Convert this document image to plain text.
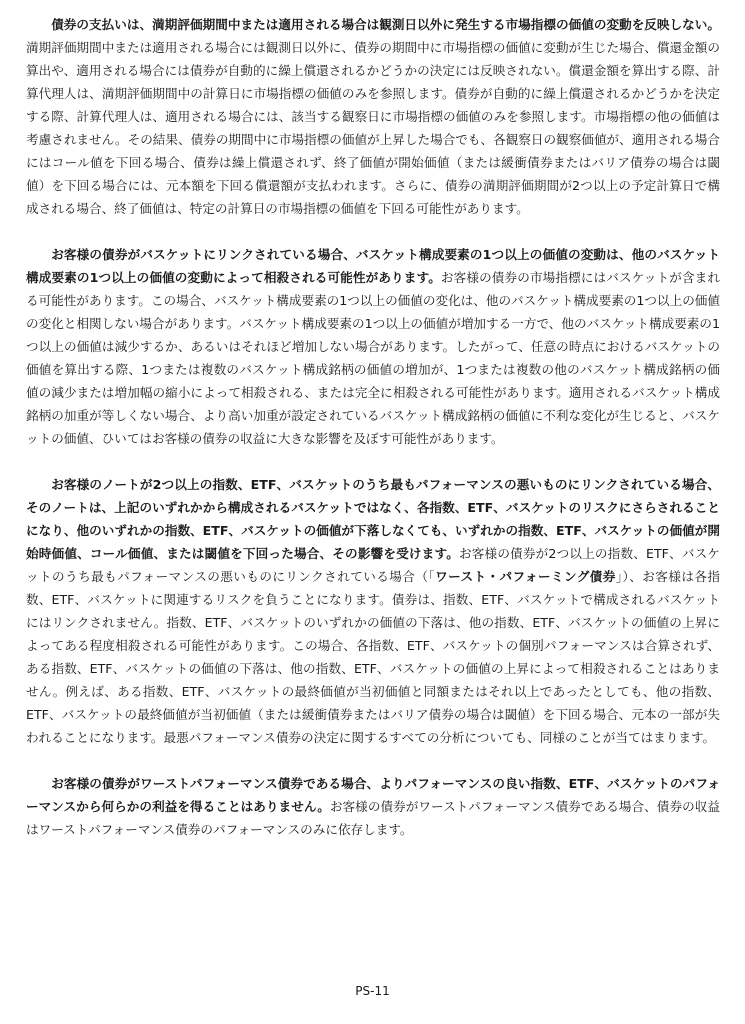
債券の支払いは、満期評価期間中または適用される場合は観測日以外に発生する市場指標の価値の変動を反映しない。満期評価期間中または適用される場合には観測日以外に、債券の期間中に市場指標の価値に変動が生じた場合、償還金額の算出や、適用される場合には債券が自動的に繰上償還されるかどうかの決定には反映されない。償還金額を算出する際、計算代理人は、満期評価期間中の計算日に市場指標の価値のみを参照します。債券が自動的に繰上償還されるかどうかを決定する際、計算代理人は、適用される場合には、該当する観察日に市場指標の価値のみを参照します。市場指標の他の価値は考慮されません。その結果、債券の期間中に市場指標の価値が上昇した場合でも、各観察日の観察価値が、適用される場合にはコール値を下回る場合、債券は繰上償還されず、終了価値が開始価値（または緩衝債券またはバリア債券の場合は閾値）を下回る場合には、元本額を下回る償還額が支払われます。さらに、債券の満期評価期間が2つ以上の予定計算日で構成される場合、終了価値は、特定の計算日の市場指標の価値を下回る可能性があります。

お客様の債券がバスケットにリンクされている場合、バスケット構成要素の1つ以上の価値の変動は、他のバスケット構成要素の1つ以上の価値の変動によって相殺される可能性があります。お客様の債券の市場指標にはバスケットが含まれる可能性があります。この場合、バスケット構成要素の1つ以上の価値の変化は、他のバスケット構成要素の1つ以上の価値の変化と相関しない場合があります。バスケット構成要素の1つ以上の価値が増加する一方で、他のバスケット構成要素の1つ以上の価値は減少するか、あるいはそれほど増加しない場合があります。したがって、任意の時点におけるバスケットの価値を算出する際、1つまたは複数のバスケット構成銘柄の価値の増加が、1つまたは複数の他のバスケット構成銘柄の価値の減少または増加幅の縮小によって相殺される、または完全に相殺される可能性があります。適用されるバスケット構成銘柄の加重が等しくない場合、より高い加重が設定されているバスケット構成銘柄の価値に不利な変化が生じると、バスケットの価値、ひいてはお客様の債券の収益に大きな影響を及ぼす可能性があります。

お客様のノートが2つ以上の指数、ETF、バスケットのうち最もパフォーマンスの悪いものにリンクされている場合、そのノートは、上記のいずれかから構成されるバスケットではなく、各指数、ETF、バスケットのリスクにさらされることになり、他のいずれかの指数、ETF、バスケットの価値が下落しなくても、いずれかの指数、ETF、バスケットの価値が開始時価値、コール価値、または閾値を下回った場合、その影響を受けます。お客様の債券が2つ以上の指数、ETF、バスケットのうち最もパフォーマンスの悪いものにリンクされている場合（「ワースト・パフォーミング債券」）、お客様は各指数、ETF、バスケットに関連するリスクを負うことになります。債券は、指数、ETF、バスケットで構成されるバスケットにはリンクされません。指数、ETF、バスケットのいずれかの価値の下落は、他の指数、ETF、バスケットの価値の上昇によってある程度相殺される可能性があります。この場合、各指数、ETF、バスケットの個別パフォーマンスは合算されず、ある指数、ETF、バスケットの価値の下落は、他の指数、ETF、バスケットの価値の上昇によって相殺されることはありません。例えば、ある指数、ETF、バスケットの最終価値が当初価値と同額またはそれ以上であったとしても、他の指数、ETF、バスケットの最終価値が当初価値（または緩衝債券またはバリア債券の場合は閾値）を下回る場合、元本の一部が失われることになります。最悪パフォーマンス債券の決定に関するすべての分析についても、同様のことが当てはまります。

お客様の債券がワーストパフォーマンス債券である場合、よりパフォーマンスの良い指数、ETF、バスケットのパフォーマンスから何らかの利益を得ることはありません。お客様の債券がワーストパフォーマンス債券である場合、債券の収益はワーストパフォーマンス債券のパフォーマンスのみに依存します。

PS-11
